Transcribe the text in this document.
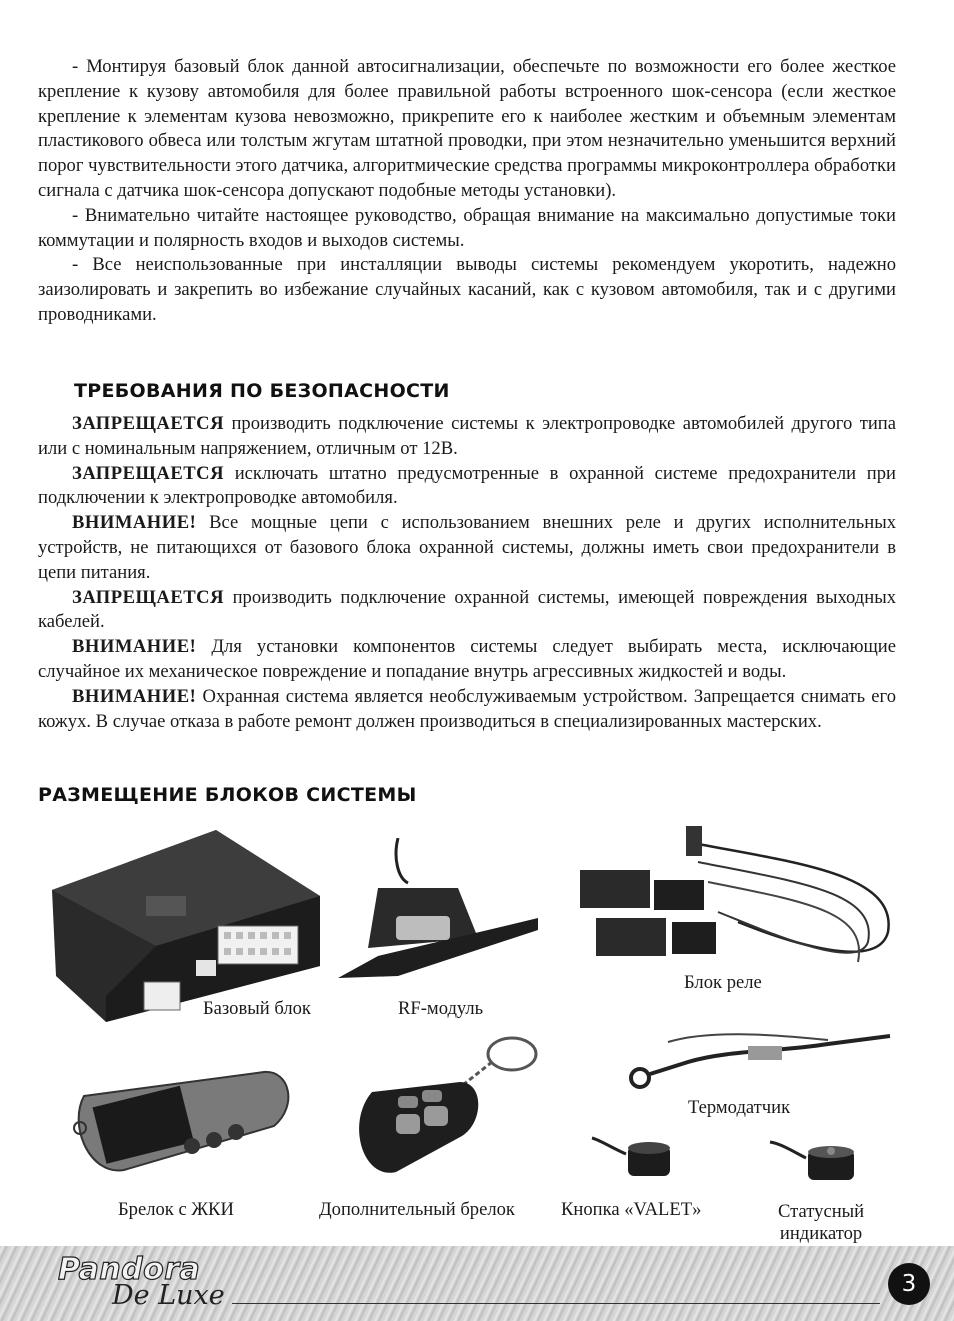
- Монтируя базовый блок данной автосигнализации, обеспечьте по возможности его более жесткое крепление к кузову автомобиля для более правильной работы встроенного шок-сенсора (если жесткое крепление к элементам кузова невозможно, прикрепите его к наиболее жестким и объемным элементам пластикового обвеса или толстым жгутам штатной проводки, при этом незначительно уменьшится верхний порог чувствительности этого датчика, алгоритмические средства программы микроконтроллера обработки сигнала с датчика шок-сенсора допускают подобные методы установки).

- Внимательно читайте настоящее руководство, обращая внимание на максимально допустимые токи коммутации и полярность входов и выходов системы.

- Все неиспользованные при инсталляции выводы системы рекомендуем укоротить, надежно заизолировать и закрепить во избежание случайных касаний, как с кузовом автомобиля, так и с другими проводниками.

ТРЕБОВАНИЯ ПО БЕЗОПАСНОСТИ

ЗАПРЕЩАЕТСЯ производить подключение системы к электропроводке автомобилей другого типа или с номинальным напряжением, отличным от 12В.

ЗАПРЕЩАЕТСЯ исключать штатно предусмотренные в охранной системе предохранители при подключении к электропроводке автомобиля.

ВНИМАНИЕ! Все мощные цепи с использованием внешних реле и других исполнительных устройств, не питающихся от базового блока охранной системы, должны иметь свои предохранители в цепи питания.

ЗАПРЕЩАЕТСЯ производить подключение охранной системы, имеющей повреждения выходных кабелей.

ВНИМАНИЕ! Для установки компонентов системы следует выбирать места, исключающие случайное их механическое повреждение и попадание внутрь агрессивных жидкостей и воды.

ВНИМАНИЕ! Охранная система является необслуживаемым устройством. Запрещается снимать его кожух. В случае отказа в работе ремонт должен производиться в специализированных мастерских.

РАЗМЕЩЕНИЕ БЛОКОВ СИСТЕМЫ
Базовый блок	RF-модуль
Блок реле
Термодатчик
Брелок с ЖКИ	Дополнительный брелок Кнопка «VALET»	Статусный
индикатор
Pandora
De Luxe	3
